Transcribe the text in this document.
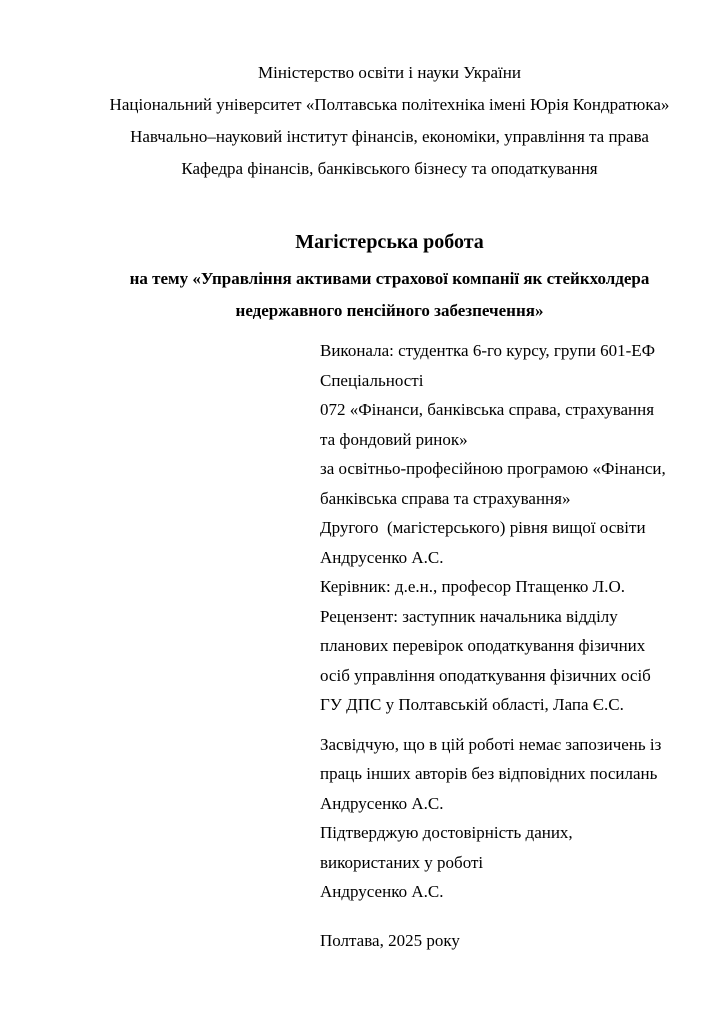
Міністерство освіти і науки України
Національний університет «Полтавська політехніка імені Юрія Кондратюка»
Навчально–науковий інститут фінансів, економіки, управління та права
Кафедра фінансів, банківського бізнесу та оподаткування
Магістерська робота
на тему «Управління активами страхової компанії як стейкхолдера
недержавного пенсійного забезпечення»
Виконала: студентка 6-го курсу, групи 601-ЕФ
Спеціальності
072 «Фінанси, банківська справа, страхування
та фондовий ринок»
за освітньо-професійною програмою «Фінанси,
банківська справа та страхування»
Другого  (магістерського) рівня вищої освіти
Андрусенко А.С.
Керівник: д.е.н., професор Птащенко Л.О.
Рецензент: заступник начальника відділу
планових перевірок оподаткування фізичних
осіб управління оподаткування фізичних осіб
ГУ ДПС у Полтавській області, Лапа Є.С.
Засвідчую, що в цій роботі немає запозичень із
праць інших авторів без відповідних посилань
Андрусенко А.С.
Підтверджую достовірність даних,
використаних у роботі
Андрусенко А.С.
Полтава, 2025 року
